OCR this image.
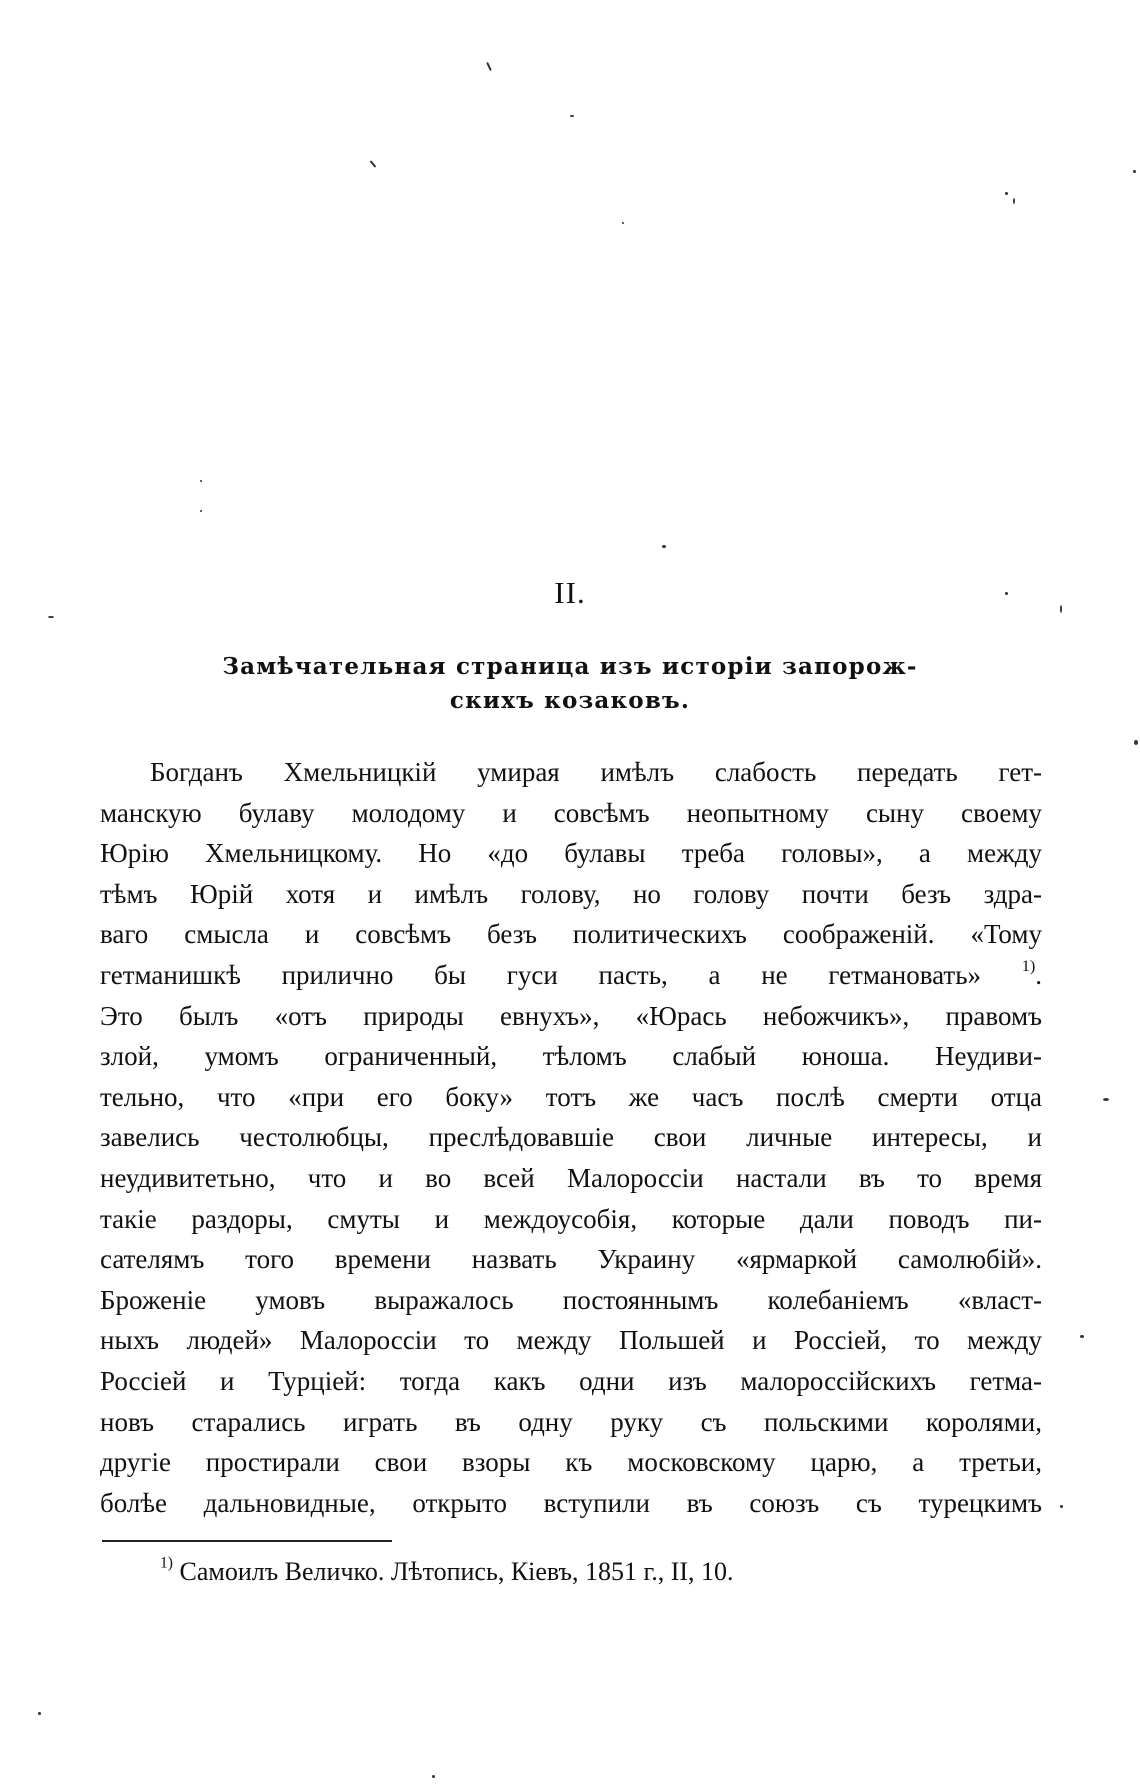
II.
Замѣчательная страница изъ исторіи запорож-
скихъ козаковъ.
Богданъ Хмельницкій умирая имѣлъ слабость передать гет-
манскую булаву молодому и совсѣмъ неопытному сыну своему
Юрію Хмельницкому. Но «до булавы треба головы», а между
тѣмъ Юрій хотя и имѣлъ голову, но голову почти безъ здра-
ваго смысла и совсѣмъ безъ политическихъ соображеній. «Тому
гетманишкѣ прилично бы гуси пасть, а не гетмановать»	$^{1)}$.
Это былъ «отъ природы евнухъ», «Юрась небожчикъ», правомъ
злой, умомъ ограниченный, тѣломъ слабый юноша. Неудиви-
тельно, что «при его боку» тотъ же часъ послѣ смерти отца
завелись честолюбцы, преслѣдовавшіе свои личные интересы, и
неудивитетьно, что и во всей Малороссіи настали въ то время
такіе раздоры, смуты и междоусобія, которые дали поводъ пи-
сателямъ того времени назвать Украину «ярмаркой самолюбій».
Броженіе умовъ выражалось постояннымъ колебаніемъ «власт-
ныхъ людей» Малороссіи то между Польшей и Россіей, то между
Россіей и Турціей: тогда какъ одни изъ малороссійскихъ гетма-
новъ старались играть въ одну руку съ польскими королями,
другіе простирали свои взоры къ московскому царю, а третьи,
болѣе дальновидные, открыто вступили въ союзъ съ турецкимъ
$^{1)}$ Самоилъ Величко. Лѣтопись, Кіевъ, 1851 г., II, 10.
